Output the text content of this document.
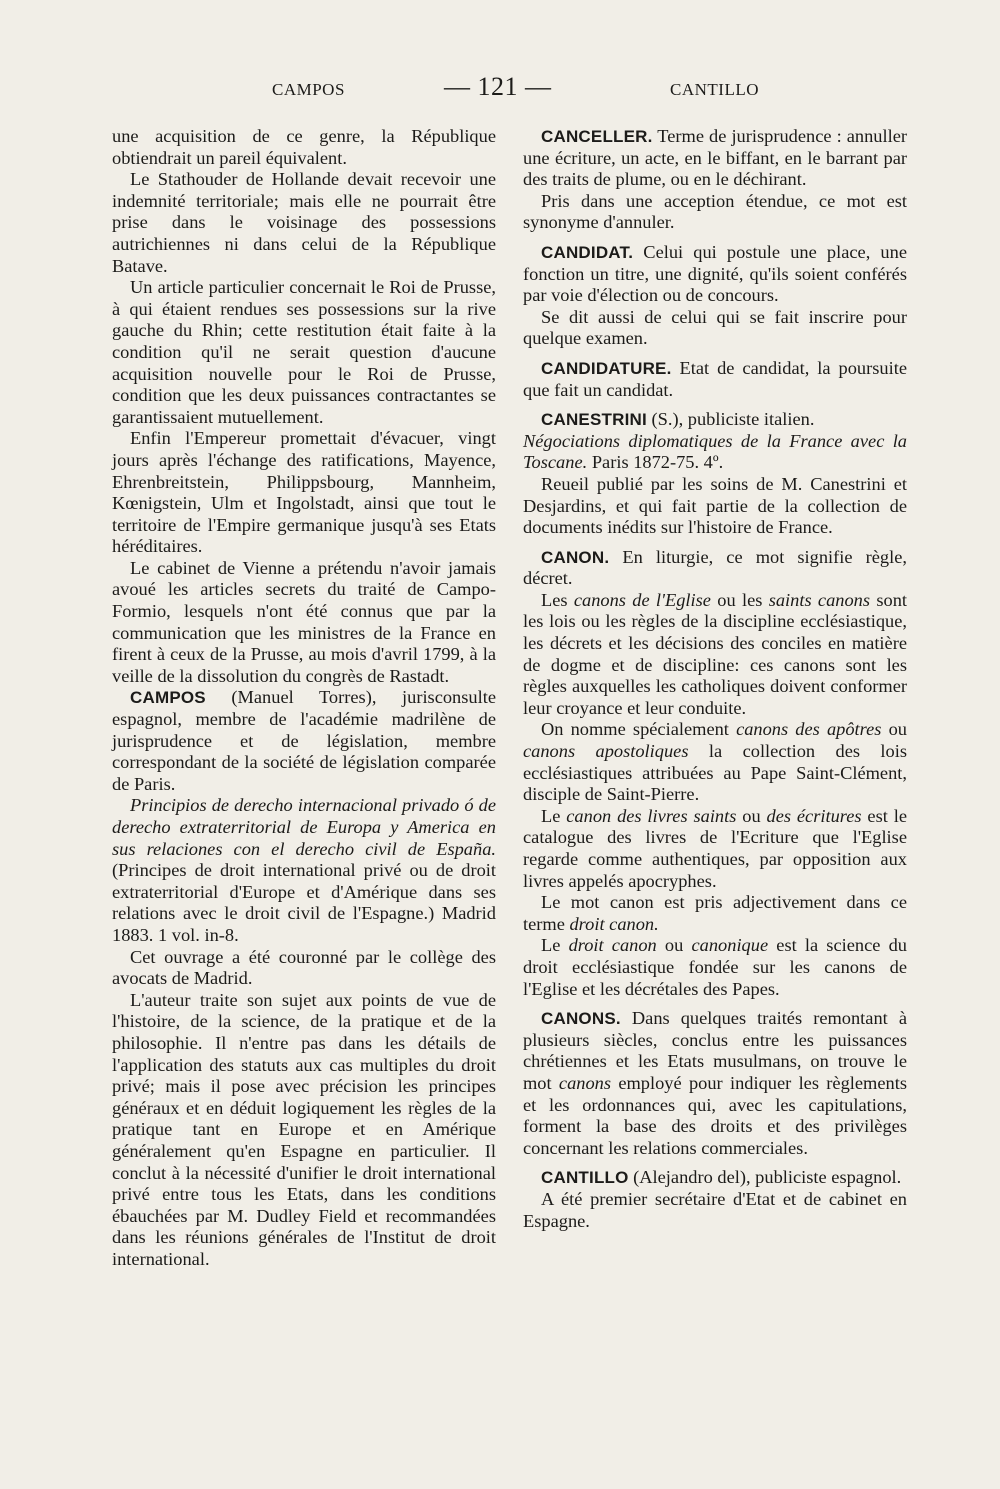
CAMPOS	— 121 —	CANTILLO

une acquisition de ce genre, la République obtiendrait un pareil équivalent.

Le Stathouder de Hollande devait recevoir une indemnité territoriale; mais elle ne pourrait être prise dans le voisinage des possessions autrichiennes ni dans celui de la République Batave.

Un article particulier concernait le Roi de Prusse, à qui étaient rendues ses possessions sur la rive gauche du Rhin; cette restitution était faite à la condition qu'il ne serait question d'aucune acquisition nouvelle pour le Roi de Prusse, condition que les deux puissances contractantes se garantissaient mutuellement.

Enfin l'Empereur promettait d'évacuer, vingt jours après l'échange des ratifications, Mayence, Ehrenbreitstein, Philippsbourg, Mannheim, Kœnigstein, Ulm et Ingolstadt, ainsi que tout le territoire de l'Empire germanique jusqu'à ses Etats héréditaires.

Le cabinet de Vienne a prétendu n'avoir jamais avoué les articles secrets du traité de Campo-Formio, lesquels n'ont été connus que par la communication que les ministres de la France en firent à ceux de la Prusse, au mois d'avril 1799, à la veille de la dissolution du congrès de Rastadt.

CAMPOS (Manuel Torres), jurisconsulte espagnol, membre de l'académie madrilène de jurisprudence et de législation, membre correspondant de la société de législation comparée de Paris.

Principios de derecho internacional privado ó de derecho extraterritorial de Europa y America en sus relaciones con el derecho civil de España. (Principes de droit international privé ou de droit extraterritorial d'Europe et d'Amérique dans ses relations avec le droit civil de l'Espagne.) Madrid 1883. 1 vol. in-8.

Cet ouvrage a été couronné par le collège des avocats de Madrid.

L'auteur traite son sujet aux points de vue de l'histoire, de la science, de la pratique et de la philosophie. Il n'entre pas dans les détails de l'application des statuts aux cas multiples du droit privé; mais il pose avec précision les principes généraux et en déduit logiquement les règles de la pratique tant en Europe et en Amérique généralement qu'en Espagne en particulier. Il conclut à la nécessité d'unifier le droit international privé entre tous les Etats, dans les conditions ébauchées par M. Dudley Field et recommandées dans les réunions générales de l'Institut de droit international.

CANCELLER. Terme de jurisprudence : annuller une écriture, un acte, en le biffant, en le barrant par des traits de plume, ou en le déchirant.

Pris dans une acception étendue, ce mot est synonyme d'annuler.

CANDIDAT. Celui qui postule une place, une fonction un titre, une dignité, qu'ils soient conférés par voie d'élection ou de concours.

Se dit aussi de celui qui se fait inscrire pour quelque examen.

CANDIDATURE. Etat de candidat, la poursuite que fait un candidat.

CANESTRINI (S.), publiciste italien.

Négociations diplomatiques de la France avec la Toscane. Paris 1872-75. 4º.

Reueil publié par les soins de M. Canestrini et Desjardins, et qui fait partie de la collection de documents inédits sur l'histoire de France.

CANON. En liturgie, ce mot signifie règle, décret.

Les canons de l'Eglise ou les saints canons sont les lois ou les règles de la discipline ecclésiastique, les décrets et les décisions des conciles en matière de dogme et de discipline: ces canons sont les règles auxquelles les catholiques doivent conformer leur croyance et leur conduite.

On nomme spécialement canons des apôtres ou canons apostoliques la collection des lois ecclésiastiques attribuées au Pape Saint-Clément, disciple de Saint-Pierre.

Le canon des livres saints ou des écritures est le catalogue des livres de l'Ecriture que l'Eglise regarde comme authentiques, par opposition aux livres appelés apocryphes.

Le mot canon est pris adjectivement dans ce terme droit canon.

Le droit canon ou canonique est la science du droit ecclésiastique fondée sur les canons de l'Eglise et les décrétales des Papes.

CANONS. Dans quelques traités remontant à plusieurs siècles, conclus entre les puissances chrétiennes et les Etats musulmans, on trouve le mot canons employé pour indiquer les règlements et les ordonnances qui, avec les capitulations, forment la base des droits et des privilèges concernant les relations commerciales.

CANTILLO (Alejandro del), publiciste espagnol.

A été premier secrétaire d'Etat et de cabinet en Espagne.
